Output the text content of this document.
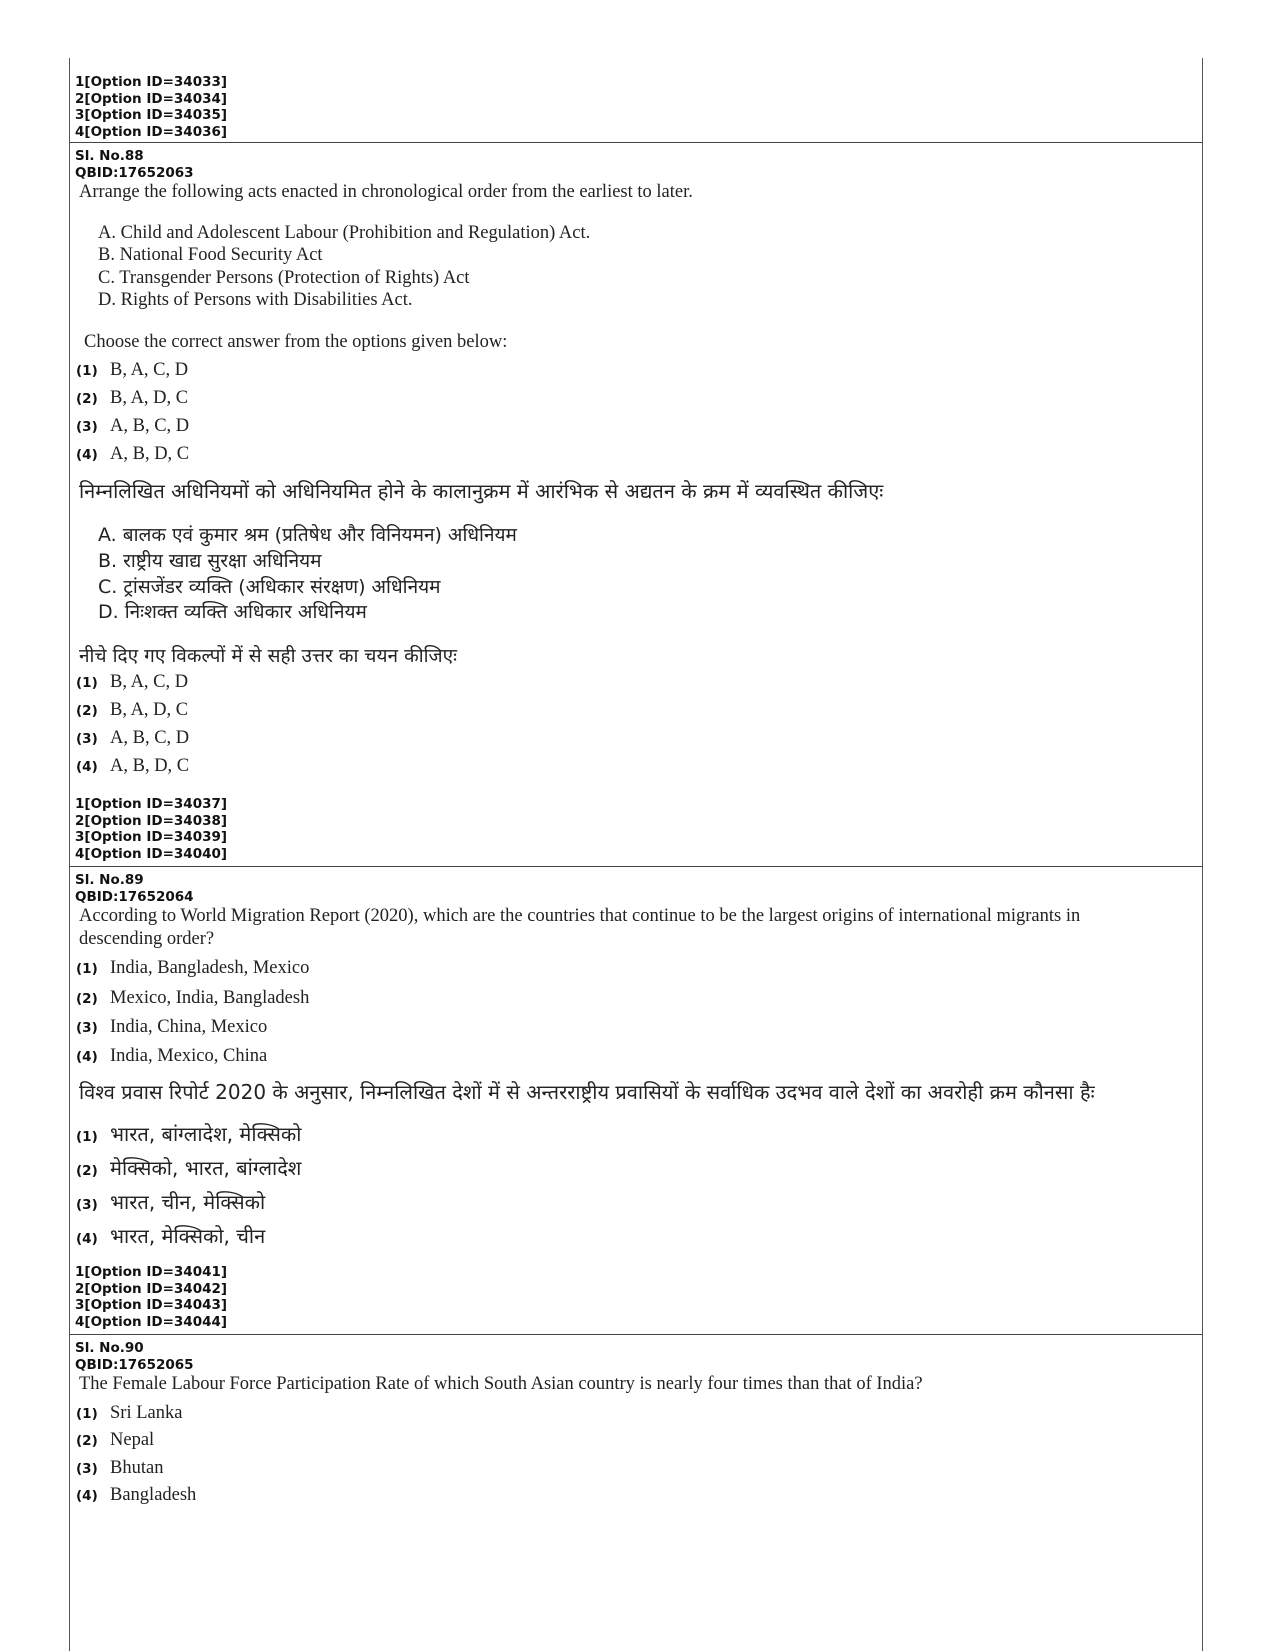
1[Option ID=34033]
2[Option ID=34034]
3[Option ID=34035]
4[Option ID=34036]
Sl. No.88
QBID:17652063
Arrange the following acts enacted in chronological order from the earliest to later.
A. Child and Adolescent Labour (Prohibition and Regulation) Act.
B. National Food Security Act
C. Transgender Persons (Protection of Rights) Act
D. Rights of Persons with Disabilities Act.
Choose the correct answer from the options given below:
(1) B, A, C, D
(2) B, A, D, C
(3) A, B, C, D
(4) A, B, D, C
निम्नलिखित अधिनियमों को अधिनियमित होने के कालानुक्रम में आरंभिक से अद्यतन के क्रम में व्यवस्थित कीजिएः
A. बालक एवं कुमार श्रम (प्रतिषेध और विनियमन) अधिनियम
B. राष्ट्रीय खाद्य सुरक्षा अधिनियम
C. ट्रांसजेंडर व्यक्ति (अधिकार संरक्षण) अधिनियम
D. निःशक्त व्यक्ति अधिकार अधिनियम
नीचे दिए गए विकल्पों में से सही उत्तर का चयन कीजिएः
(1) B, A, C, D
(2) B, A, D, C
(3) A, B, C, D
(4) A, B, D, C
1[Option ID=34037]
2[Option ID=34038]
3[Option ID=34039]
4[Option ID=34040]
Sl. No.89
QBID:17652064
According to World Migration Report (2020), which are the countries that continue to be the largest origins of international migrants in
descending order?
(1) India, Bangladesh, Mexico
(2) Mexico, India, Bangladesh
(3) India, China, Mexico
(4) India, Mexico, China
विश्व प्रवास रिपोर्ट 2020 के अनुसार, निम्नलिखित देशों में से अन्तरराष्ट्रीय प्रवासियों के सर्वाधिक उदभव वाले देशों का अवरोही क्रम कौनसा हैः
(1) भारत, बांग्लादेश, मेक्सिको
(2) मेक्सिको, भारत, बांग्लादेश
(3) भारत, चीन, मेक्सिको
(4) भारत, मेक्सिको, चीन
1[Option ID=34041]
2[Option ID=34042]
3[Option ID=34043]
4[Option ID=34044]
Sl. No.90
QBID:17652065
The Female Labour Force Participation Rate of which South Asian country is nearly four times than that of India?
(1) Sri Lanka
(2) Nepal
(3) Bhutan
(4) Bangladesh
